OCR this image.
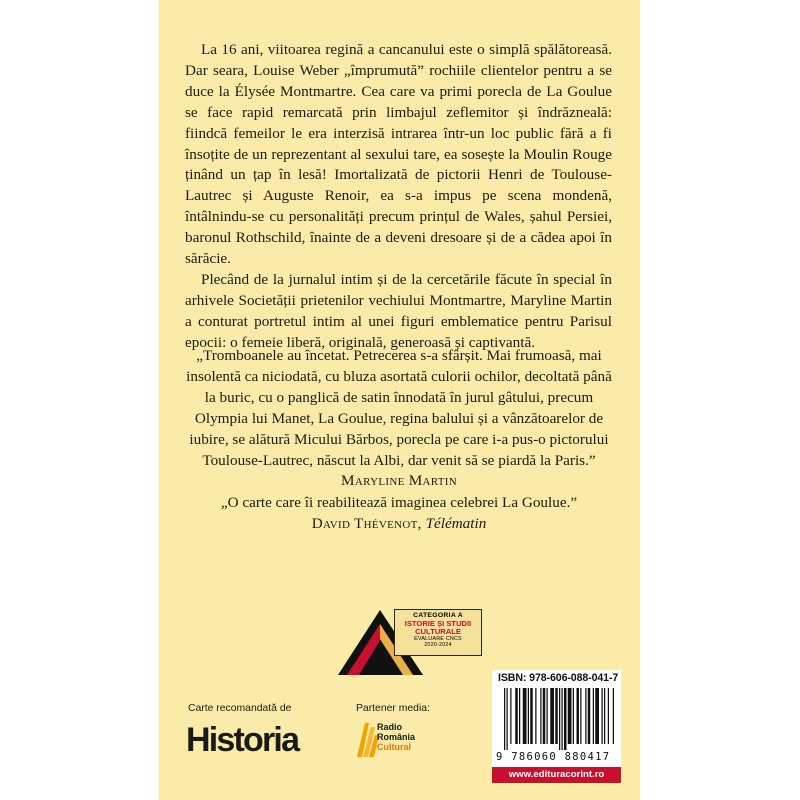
La 16 ani, viitoarea regină a cancanului este o simplă spălătoreasă. Dar seara, Louise Weber „împrumută” rochiile clientelor pentru a se duce la Élysée Montmartre. Cea care va primi porecla de La Goulue se face rapid remarcată prin limbajul zeflemitor și îndrăzneală: fiindcă femeilor le era interzisă intrarea într-un loc public fără a fi însoțite de un reprezentant al sexului tare, ea sosește la Moulin Rouge ținând un țap în lesă! Imortalizată de pictorii Henri de Toulouse-Lautrec și Auguste Renoir, ea s-a impus pe scena mondenă, întâlnindu-se cu personalități precum prințul de Wales, șahul Persiei, baronul Rothschild, înainte de a deveni dresoare și de a cădea apoi în sărăcie.

Plecând de la jurnalul intim și de la cercetările făcute în special în arhivele Societății prietenilor vechiului Montmartre, Maryline Martin a conturat portretul intim al unei figuri emblematice pentru Parisul epocii: o femeie liberă, originală, generoasă și captivantă.

„Tromboanele au încetat. Petrecerea s-a sfârșit. Mai frumoasă, mai insolentă ca niciodată, cu bluza asortată culorii ochilor, decoltată până la buric, cu o panglică de satin înnodată în jurul gâtului, precum Olympia lui Manet, La Goulue, regina balului și a vânzătoarelor de iubire, se alătură Micului Bărbos, porecla pe care i-a pus-o pictorului Toulouse-Lautrec, născut la Albi, dar venit să se piardă la Paris.”
Maryline Martin

„O carte care îi reabilitează imaginea celebrei La Goulue.”
David Thévenot, Télématin

CATEGORIA A
ISTORIE ȘI STUDII
CULTURALE
EVALUARE CNCS
2020-2024
Carte recomandată de
Historia
Partener media:
Radio
România
Cultural
ISBN: 978-606-088-041-7
9 786060 880417
www.edituracorint.ro
